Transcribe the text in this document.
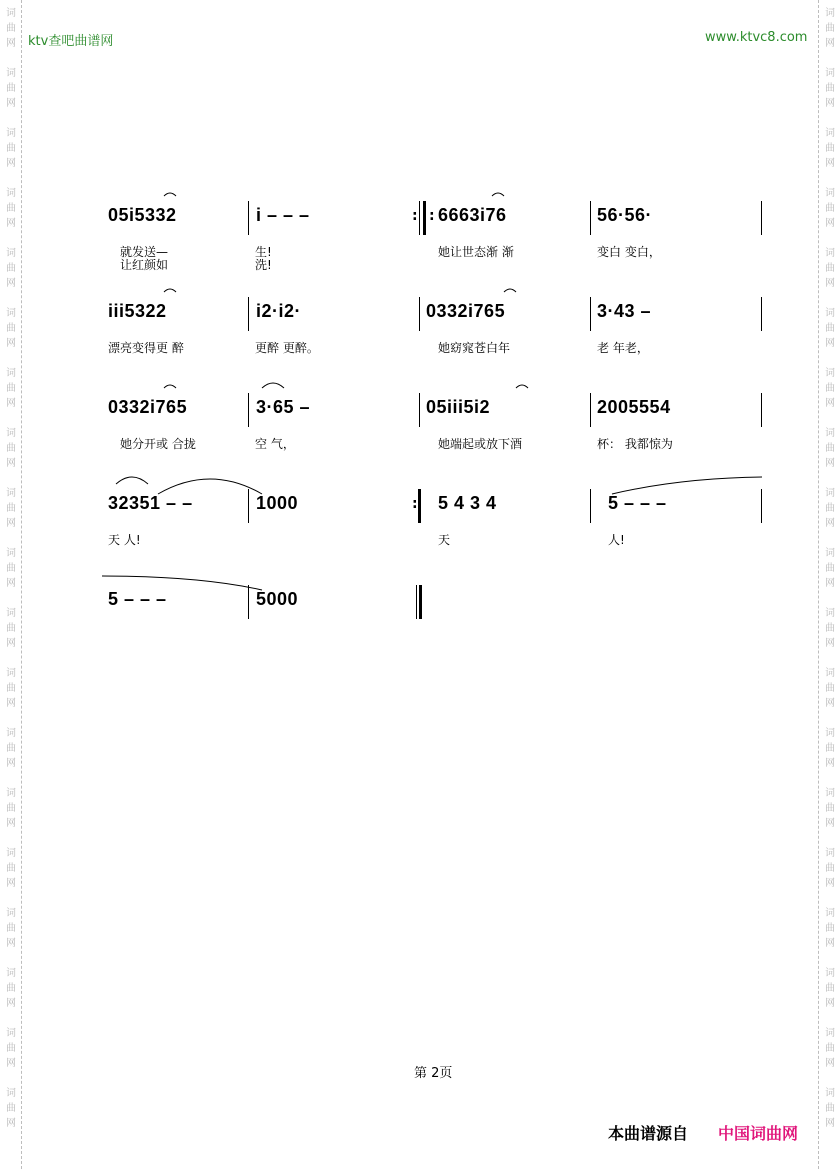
词
曲
网
词
曲
网
词
曲
网
词
曲
网
词
曲
网
词
曲
网
词
曲
网
词
曲
网
词
曲
网
词
曲
网
词
曲
网
词
曲
网
词
曲
网
词
曲
网
词
曲
网
词
曲
网
词
曲
网
词
曲
网
词
曲
网
词
曲
网
词
曲
网
词
曲
网
词
曲
网
词
曲
网
词
曲
网
词
曲
网
词
曲
网
词
曲
网
词
曲
网
词
曲
网
词
曲
网
词
曲
网
词
曲
网
词
曲
网
词
曲
网
词
曲
网
词
曲
网
词
曲
网
ktv查吧曲谱网	www.ktvc8.com
05i5332
就发送—
让红颜如
i – – –
生!
洗!
: : 6663i76
她让世态渐 渐
56·56·
变白 变白，
iii5322
漂亮变得更 醉
i2·i2·
更醉 更醉。
0332i765
她窈窕苍白年
3·43 –
老 年老，
0332i765
她分开或 合拢
3·65 –
空 气，
05iii5i2
她端起或放下酒
2005554
杯： 我都惊为
32351 – –
天 人!
1000	: 5 4 3 4
天
5 – – –
人!
5 – – –	5000
第 2页
本曲谱源自 中国词曲网
